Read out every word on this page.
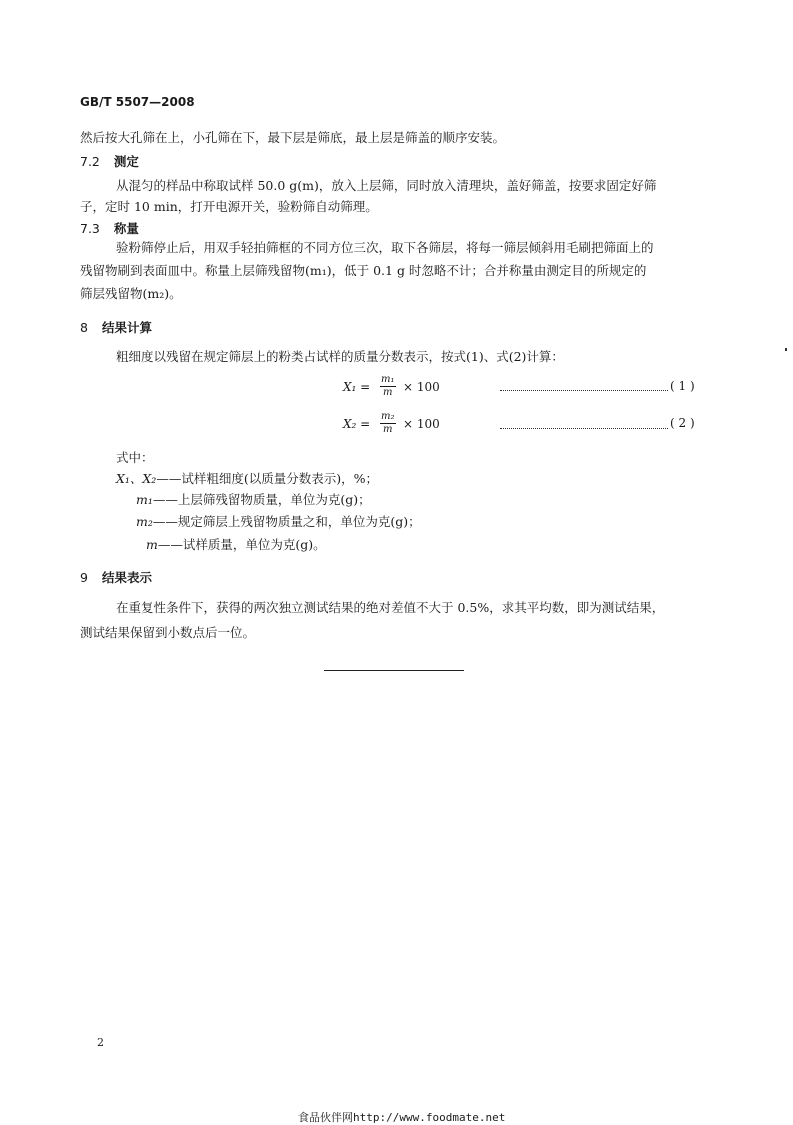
GB/T 5507—2008
然后按大孔筛在上，小孔筛在下，最下层是筛底，最上层是筛盖的顺序安装。
7.2 测定
从混匀的样品中称取试样 50.0 g(m)，放入上层筛，同时放入清理块，盖好筛盖，按要求固定好筛
子，定时 10 min，打开电源开关，验粉筛自动筛理。
7.3 称量
验粉筛停止后，用双手轻拍筛框的不同方位三次，取下各筛层，将每一筛层倾斜用毛刷把筛面上的
残留物刷到表面皿中。称量上层筛残留物(m₁)，低于 0.1 g 时忽略不计；合并称量由测定目的所规定的
筛层残留物(m₂)。
8 结果计算
粗细度以残留在规定筛层上的粉类占试样的质量分数表示，按式(1)、式(2)计算：
$X_1 = \frac{\text{m₁}}{m} \times 100$	( 1 )
$X_2 = \frac{\text{m₂}}{m} \times 100$	( 2 )
式中：
X₁、X₂——试样粗细度(以质量分数表示)，%；
m₁——上层筛残留物质量，单位为克(g)；
m₂——规定筛层上残留物质量之和，单位为克(g)；
m——试样质量，单位为克(g)。
9 结果表示
在重复性条件下，获得的两次独立测试结果的绝对差值不大于 0.5%，求其平均数，即为测试结果，
测试结果保留到小数点后一位。
2
食品伙伴网http://www.foodmate.net
